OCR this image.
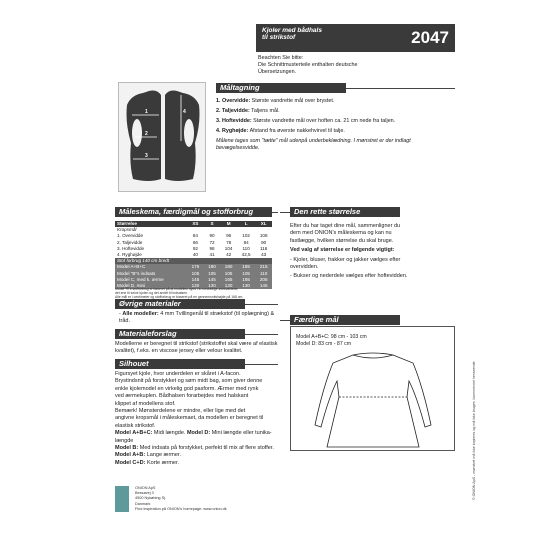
Kjoler med bådhals
til strikstof	2047
Beachten Sie bitte:
Die Schnittmusterteile enthalten deutsche
Übersetzungen.
Måltagning
1
2
3
4
1. Overvidde: Største vandrette mål over brystet.
2. Taljevidde: Taljens mål.
3. Hoftevidde: Største vandrette mål over hoften ca. 21 cm nede fra taljen.
4. Ryghøjde: Afstand fra øverste nakkehvirvel til talje.
Målene tages som "tætte" mål udenpå underbeklædning. I mønstret er der indlagt bevægelsesvidde.
Måleskema, færdigmål og stofforbrug
Størrelse	XS	S	M	L	XL
Kropsmål					
1. Overvidde	84	90	96	102	108
2. Taljevidde	66	72	78	84	90
3. Hoftevidde	92	98	104	110	116
4. Ryghøjde	40	41	42	42,5	43
Stof forbrug 140 cm bredt					
Model A+B+C	175	180	180	185	215
Model "B"s indsats	105	105	105	105	110
Model C, med k. ærme	145	145	165	185	205
Model D, mini	130	130	130	130	145
Model "B"s stofforbrug er baseret på at modellen syes i to forskellige stofkvaliteter,
det ene til selve kjolen og det andet til indsatsen.
Alle mål er i centimeter og stofforbrug er baseret på en gennemsnitshøjde på 168 cm.
Øvrige materialer
- Alle modeller: 4 mm Tvillingenål til strækstof (til oplægning) & tråd.
Materialeforslag
Modellerne er beregnet til strikstof (strikstoffet skal være af elastisk kvalitet), f.eks. en viscose jersey eller velour kvalitet.
Silhouet
Figursyet kjole, hvor underdelen er skåret i A-facon.
Brystindsnit på forstykket og søm midt bag, som giver denne
enkle kjolemodel en virkelig god pasform. Ærmer med rynk
ved ærmekuplen. Bådhalsen forarbejdes med halskant
klippet af modellens stof.
Bemærk! Mønsterdelene er mindre, eller lige med det
angivne kropsmål i måleskemaet, da modellen er beregnet til
elastisk strikstof.
Model A+B+C: Midi længde. Model D: Mini længde eller tunika-længde
Model B: Med indsats på forstykket, perfekt til mix af flere stoffer.
Model A+B: Lange ærmer.
Model C+D: Korte ærmer.
Den rette størrelse
Efter du har taget dine mål, sammenligner du dem med ONION's måleskema og kan nu fastlægge, hvilken størrelse du skal bruge.
Ved valg af størrelse er følgende vigtigt:
- Kjoler, bluser, frakker og jakker vælges efter overvidden.
- Bukser og nederdele vælges efter hoftevidden.
Færdige mål
Model A+B+C: 98 cm - 103 cm
Model D: 83 cm - 87 cm
ONION ApS
Bessøvej 3
4500 Nykøbing Sj.
Danmark
Find inspiration på ONION's homepage: www.onion.dk
© ONION ApS - mønstret må ikke kopieres og må ikke bruges i kommerciel henseende
